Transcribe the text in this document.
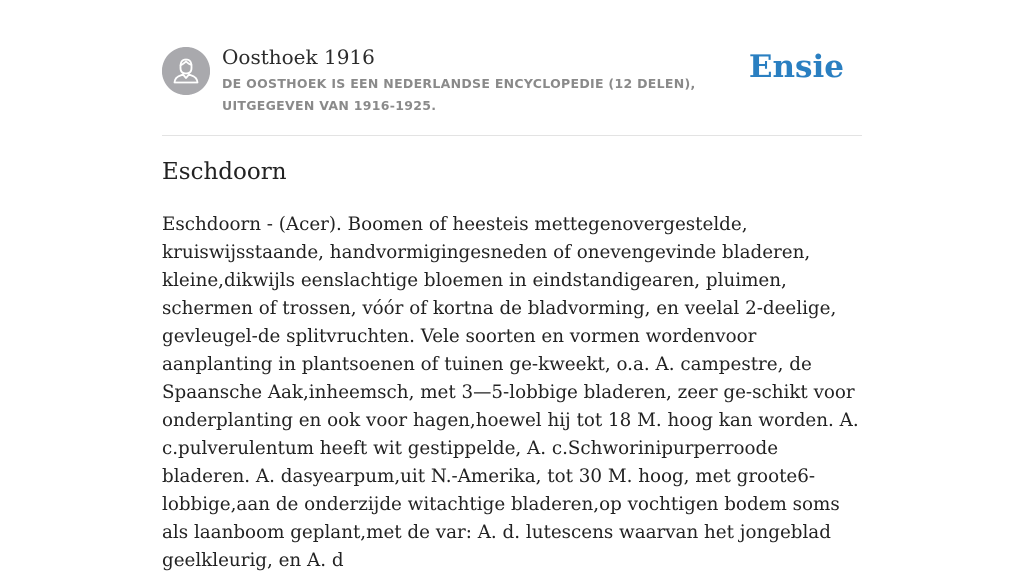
Oosthoek 1916
DE OOSTHOEK IS EEN NEDERLANDSE ENCYCLOPEDIE (12 DELEN), UITGEGEVEN VAN 1916-1925.
Ensie
Eschdoorn

Eschdoorn - (Acer). Boomen of heesteis mettegenovergestelde, kruiswijsstaande, handvormigingesneden of onevengevinde bladeren, kleine,dikwijls eenslachtige bloemen in eindstandigearen, pluimen, schermen of trossen, vóór of kortna de bladvorming, en veelal 2-deelige, gevleugel-de splitvruchten. Vele soorten en vormen wordenvoor aanplanting in plantsoenen of tuinen ge-kweekt, o.a. A. campestre, de Spaansche Aak,inheemsch, met 3—5-lobbige bladeren, zeer ge-schikt voor onderplanting en ook voor hagen,hoewel hij tot 18 M. hoog kan worden. A. c.pulverulentum heeft wit gestippelde, A. c.Schworinipurperroode bladeren. A. dasyearpum,uit N.-Amerika, tot 30 M. hoog, met groote6-lobbige,aan de onderzijde witachtige bladeren,op vochtigen bodem soms als laanboom geplant,met de var: A. d. lutescens waarvan het jongeblad geelkleurig, en A. d
